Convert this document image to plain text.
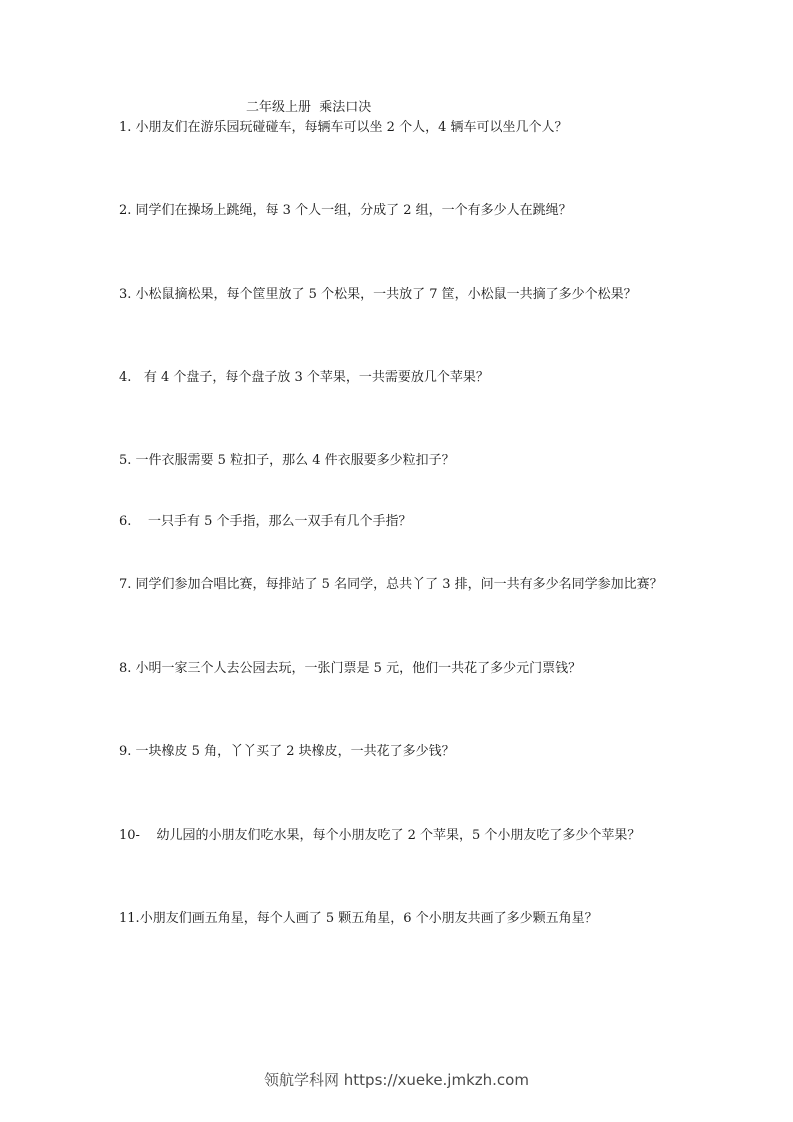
二年级上册  乘法口决
1. 小朋友们在游乐园玩碰碰车，每辆车可以坐 2 个人，4 辆车可以坐几个人？
2. 同学们在操场上跳绳，每 3 个人一组，分成了 2 组，一个有多少人在跳绳？
3. 小松鼠摘松果，每个筐里放了 5 个松果，一共放了 7 筐，小松鼠一共摘了多少个松果？
4.   有 4 个盘子，每个盘子放 3 个苹果，一共需要放几个苹果？
5. 一件衣服需要 5 粒扣子，那么 4 件衣服要多少粒扣子？
6.    一只手有 5 个手指，那么一双手有几个手指？
7. 同学们参加合唱比赛，每排站了 5 名同学，总共丫了 3 排，问一共有多少名同学参加比赛？
8. 小明一家三个人去公园去玩，一张门票是 5 元，他们一共花了多少元门票钱？
9. 一块橡皮 5 角，丫丫买了 2 块橡皮，一共花了多少钱？
10-    幼儿园的小朋友们吃水果，每个小朋友吃了 2 个苹果，5 个小朋友吃了多少个苹果？
11.小朋友们画五角星，每个人画了 5 颗五角星，6 个小朋友共画了多少颗五角星？
领航学科网 https://xueke.jmkzh.com
